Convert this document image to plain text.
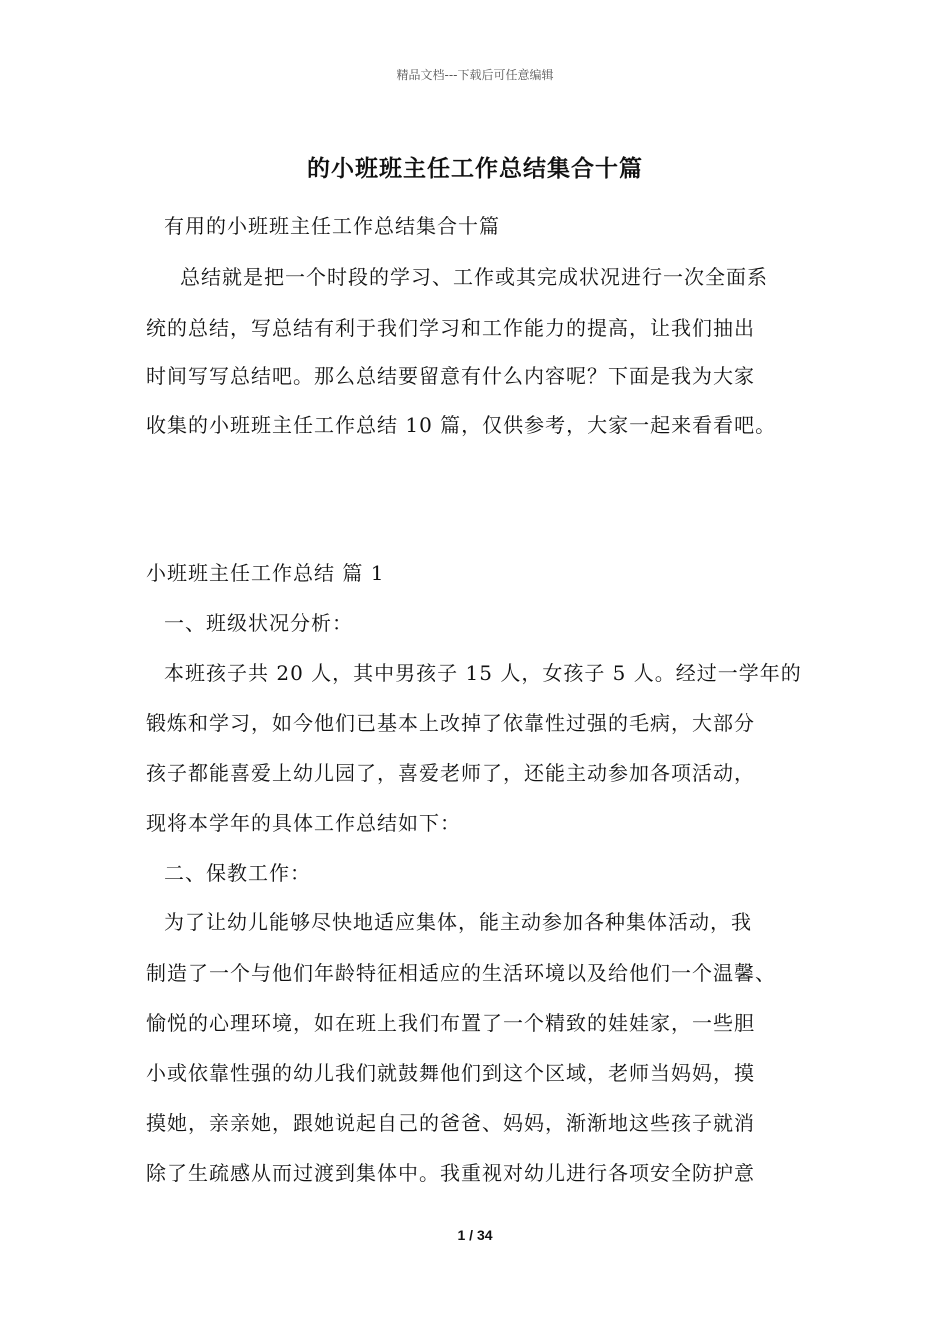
精品文档---下载后可任意编辑
的小班班主任工作总结集合十篇
有用的小班班主任工作总结集合十篇
总结就是把一个时段的学习、工作或其完成状况进行一次全面系
统的总结，写总结有利于我们学习和工作能力的提高，让我们抽出
时间写写总结吧。那么总结要留意有什么内容呢？下面是我为大家
收集的小班班主任工作总结 10 篇，仅供参考，大家一起来看看吧。
小班班主任工作总结 篇 1
一、班级状况分析：
本班孩子共 20 人，其中男孩子 15 人，女孩子 5 人。经过一学年的
锻炼和学习，如今他们已基本上改掉了依靠性过强的毛病，大部分
孩子都能喜爱上幼儿园了，喜爱老师了，还能主动参加各项活动，
现将本学年的具体工作总结如下：
二、保教工作：
为了让幼儿能够尽快地适应集体，能主动参加各种集体活动，我
制造了一个与他们年龄特征相适应的生活环境以及给他们一个温馨、
愉悦的心理环境，如在班上我们布置了一个精致的娃娃家，一些胆
小或依靠性强的幼儿我们就鼓舞他们到这个区域，老师当妈妈，摸
摸她，亲亲她，跟她说起自己的爸爸、妈妈，渐渐地这些孩子就消
除了生疏感从而过渡到集体中。我重视对幼儿进行各项安全防护意
1 / 34
